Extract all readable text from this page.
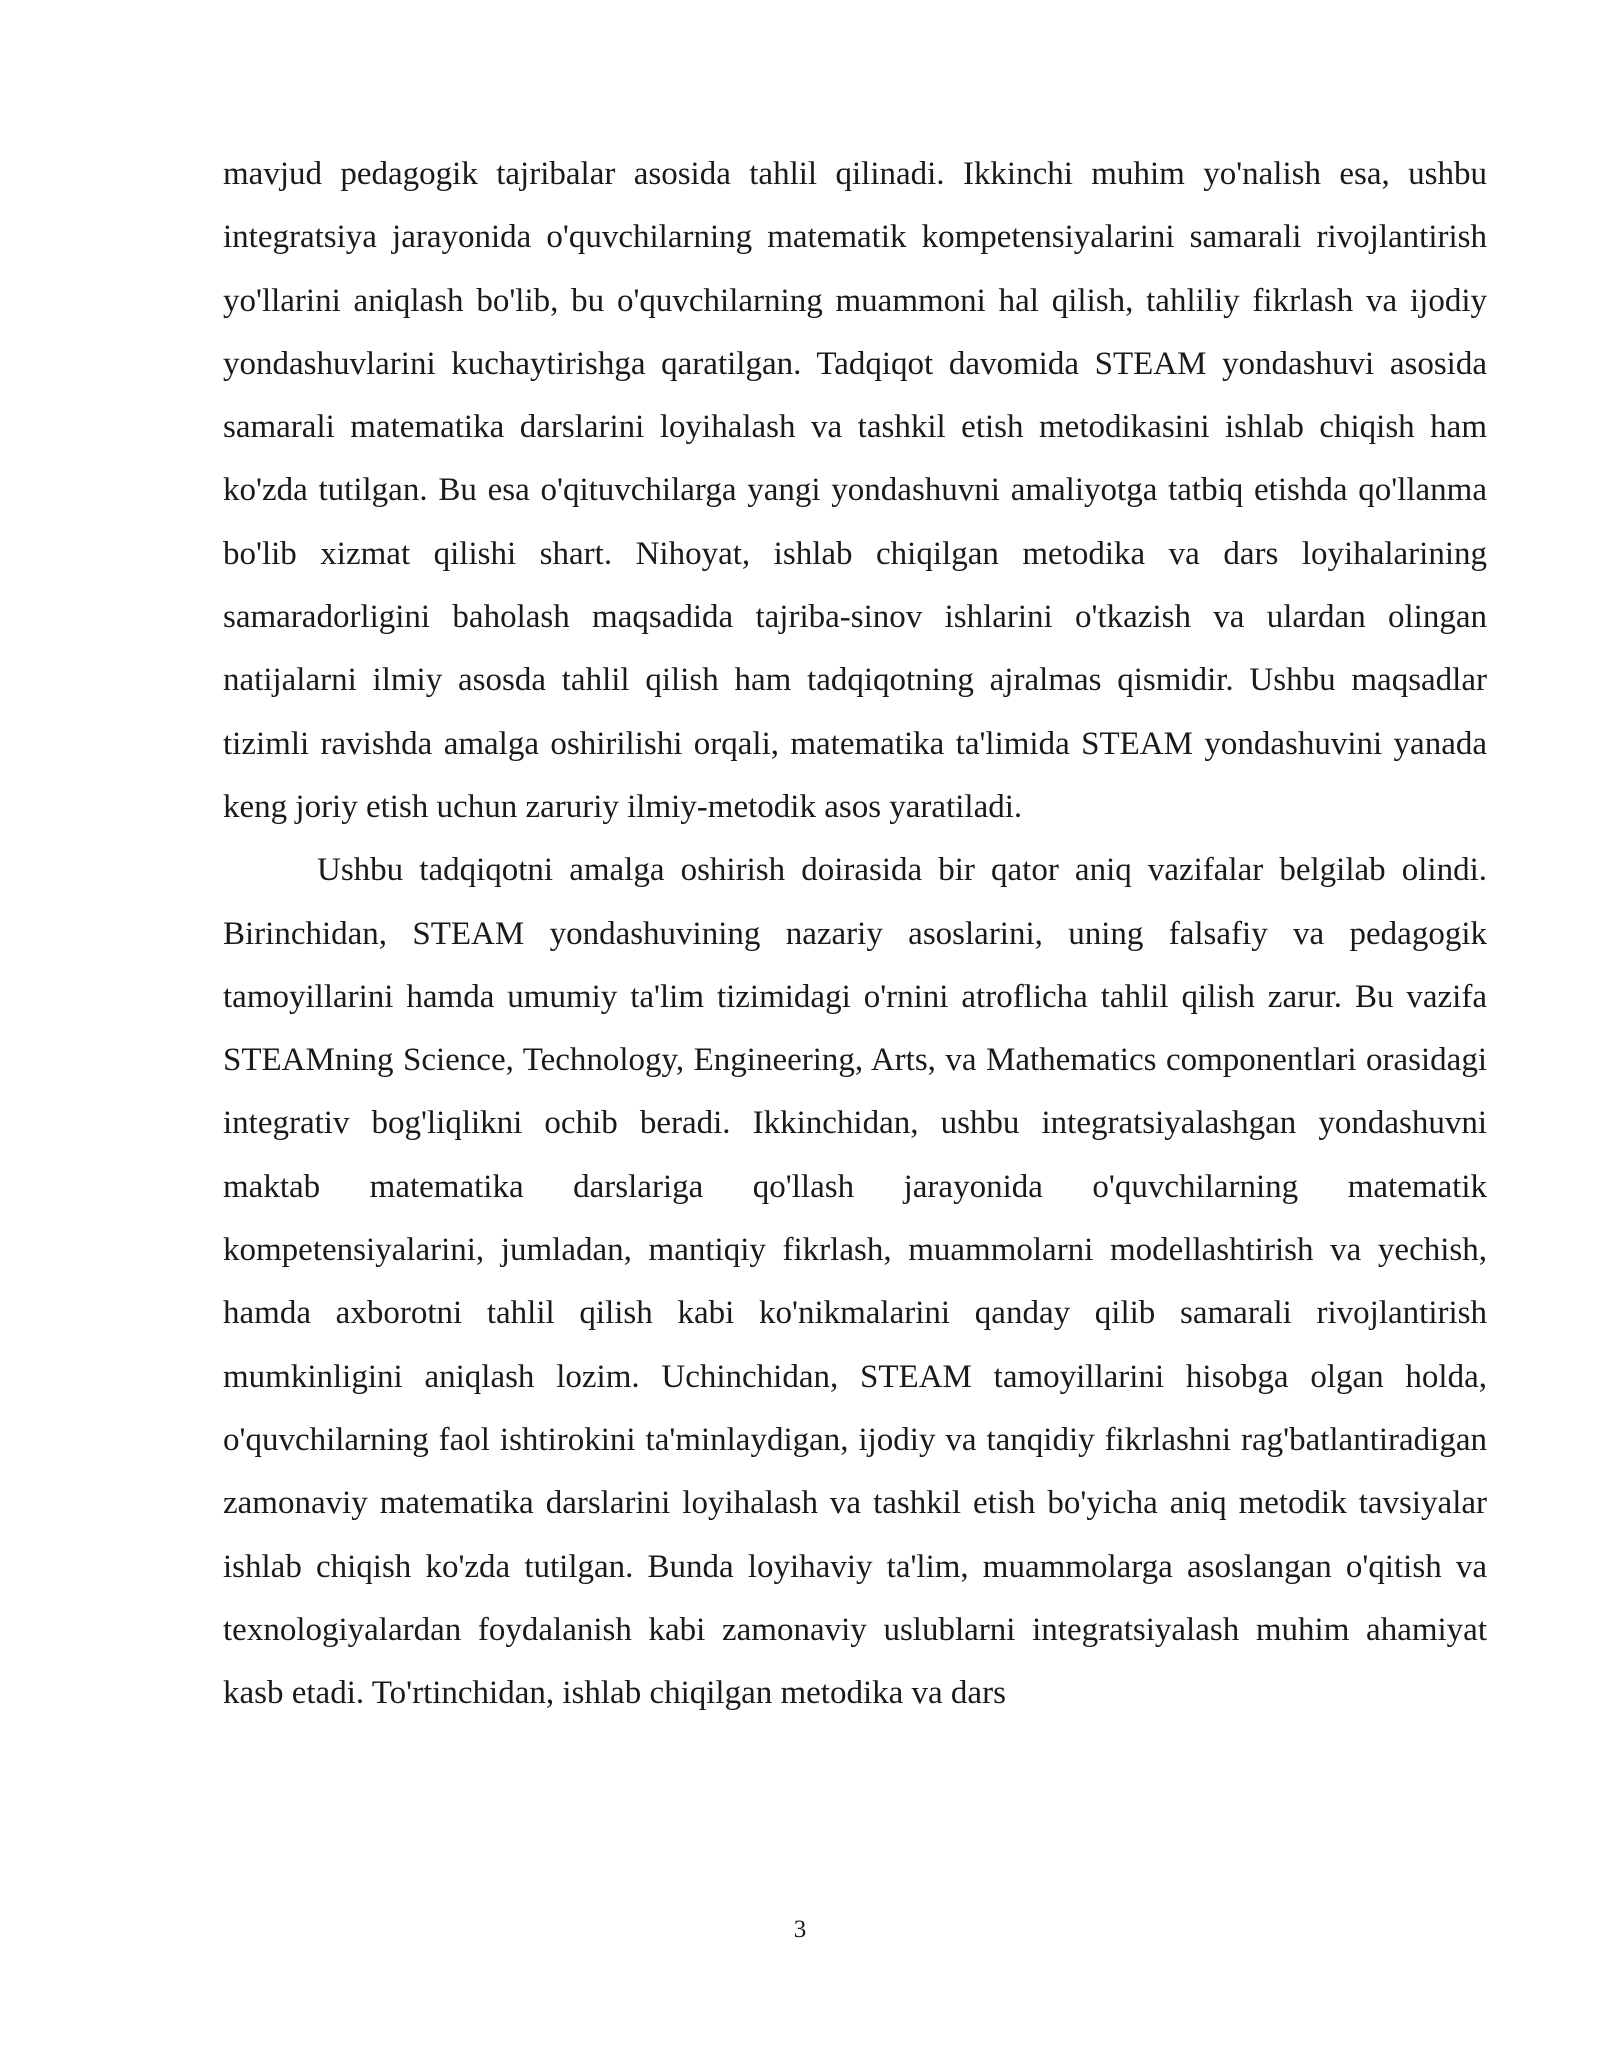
mavjud pedagogik tajribalar asosida tahlil qilinadi. Ikkinchi muhim yo'nalish esa, ushbu integratsiya jarayonida o'quvchilarning matematik kompetensiyalarini samarali rivojlantirish yo'llarini aniqlash bo'lib, bu o'quvchilarning muammoni hal qilish, tahliliy fikrlash va ijodiy yondashuvlarini kuchaytirishga qaratilgan. Tadqiqot davomida STEAM yondashuvi asosida samarali matematika darslarini loyihalash va tashkil etish metodikasini ishlab chiqish ham ko'zda tutilgan. Bu esa o'qituvchilarga yangi yondashuvni amaliyotga tatbiq etishda qo'llanma bo'lib xizmat qilishi shart. Nihoyat, ishlab chiqilgan metodika va dars loyihalarining samaradorligini baholash maqsadida tajriba-sinov ishlarini o'tkazish va ulardan olingan natijalarni ilmiy asosda tahlil qilish ham tadqiqotning ajralmas qismidir. Ushbu maqsadlar tizimli ravishda amalga oshirilishi orqali, matematika ta'limida STEAM yondashuvini yanada keng joriy etish uchun zaruriy ilmiy-metodik asos yaratiladi.

Ushbu tadqiqotni amalga oshirish doirasida bir qator aniq vazifalar belgilab olindi. Birinchidan, STEAM yondashuvining nazariy asoslarini, uning falsafiy va pedagogik tamoyillarini hamda umumiy ta'lim tizimidagi o'rnini atroflicha tahlil qilish zarur. Bu vazifa STEAMning Science, Technology, Engineering, Arts, va Mathematics componentlari orasidagi integrativ bog'liqlikni ochib beradi. Ikkinchidan, ushbu integratsiyalashgan yondashuvni maktab matematika darslariga qo'llash jarayonida o'quvchilarning matematik kompetensiyalarini, jumladan, mantiqiy fikrlash, muammolarni modellashtirish va yechish, hamda axborotni tahlil qilish kabi ko'nikmalarini qanday qilib samarali rivojlantirish mumkinligini aniqlash lozim. Uchinchidan, STEAM tamoyillarini hisobga olgan holda, o'quvchilarning faol ishtirokini ta'minlaydigan, ijodiy va tanqidiy fikrlashni rag'batlantiradigan zamonaviy matematika darslarini loyihalash va tashkil etish bo'yicha aniq metodik tavsiyalar ishlab chiqish ko'zda tutilgan. Bunda loyihaviy ta'lim, muammolarga asoslangan o'qitish va texnologiyalardan foydalanish kabi zamonaviy uslublarni integratsiyalash muhim ahamiyat kasb etadi. To'rtinchidan, ishlab chiqilgan metodika va dars

3
